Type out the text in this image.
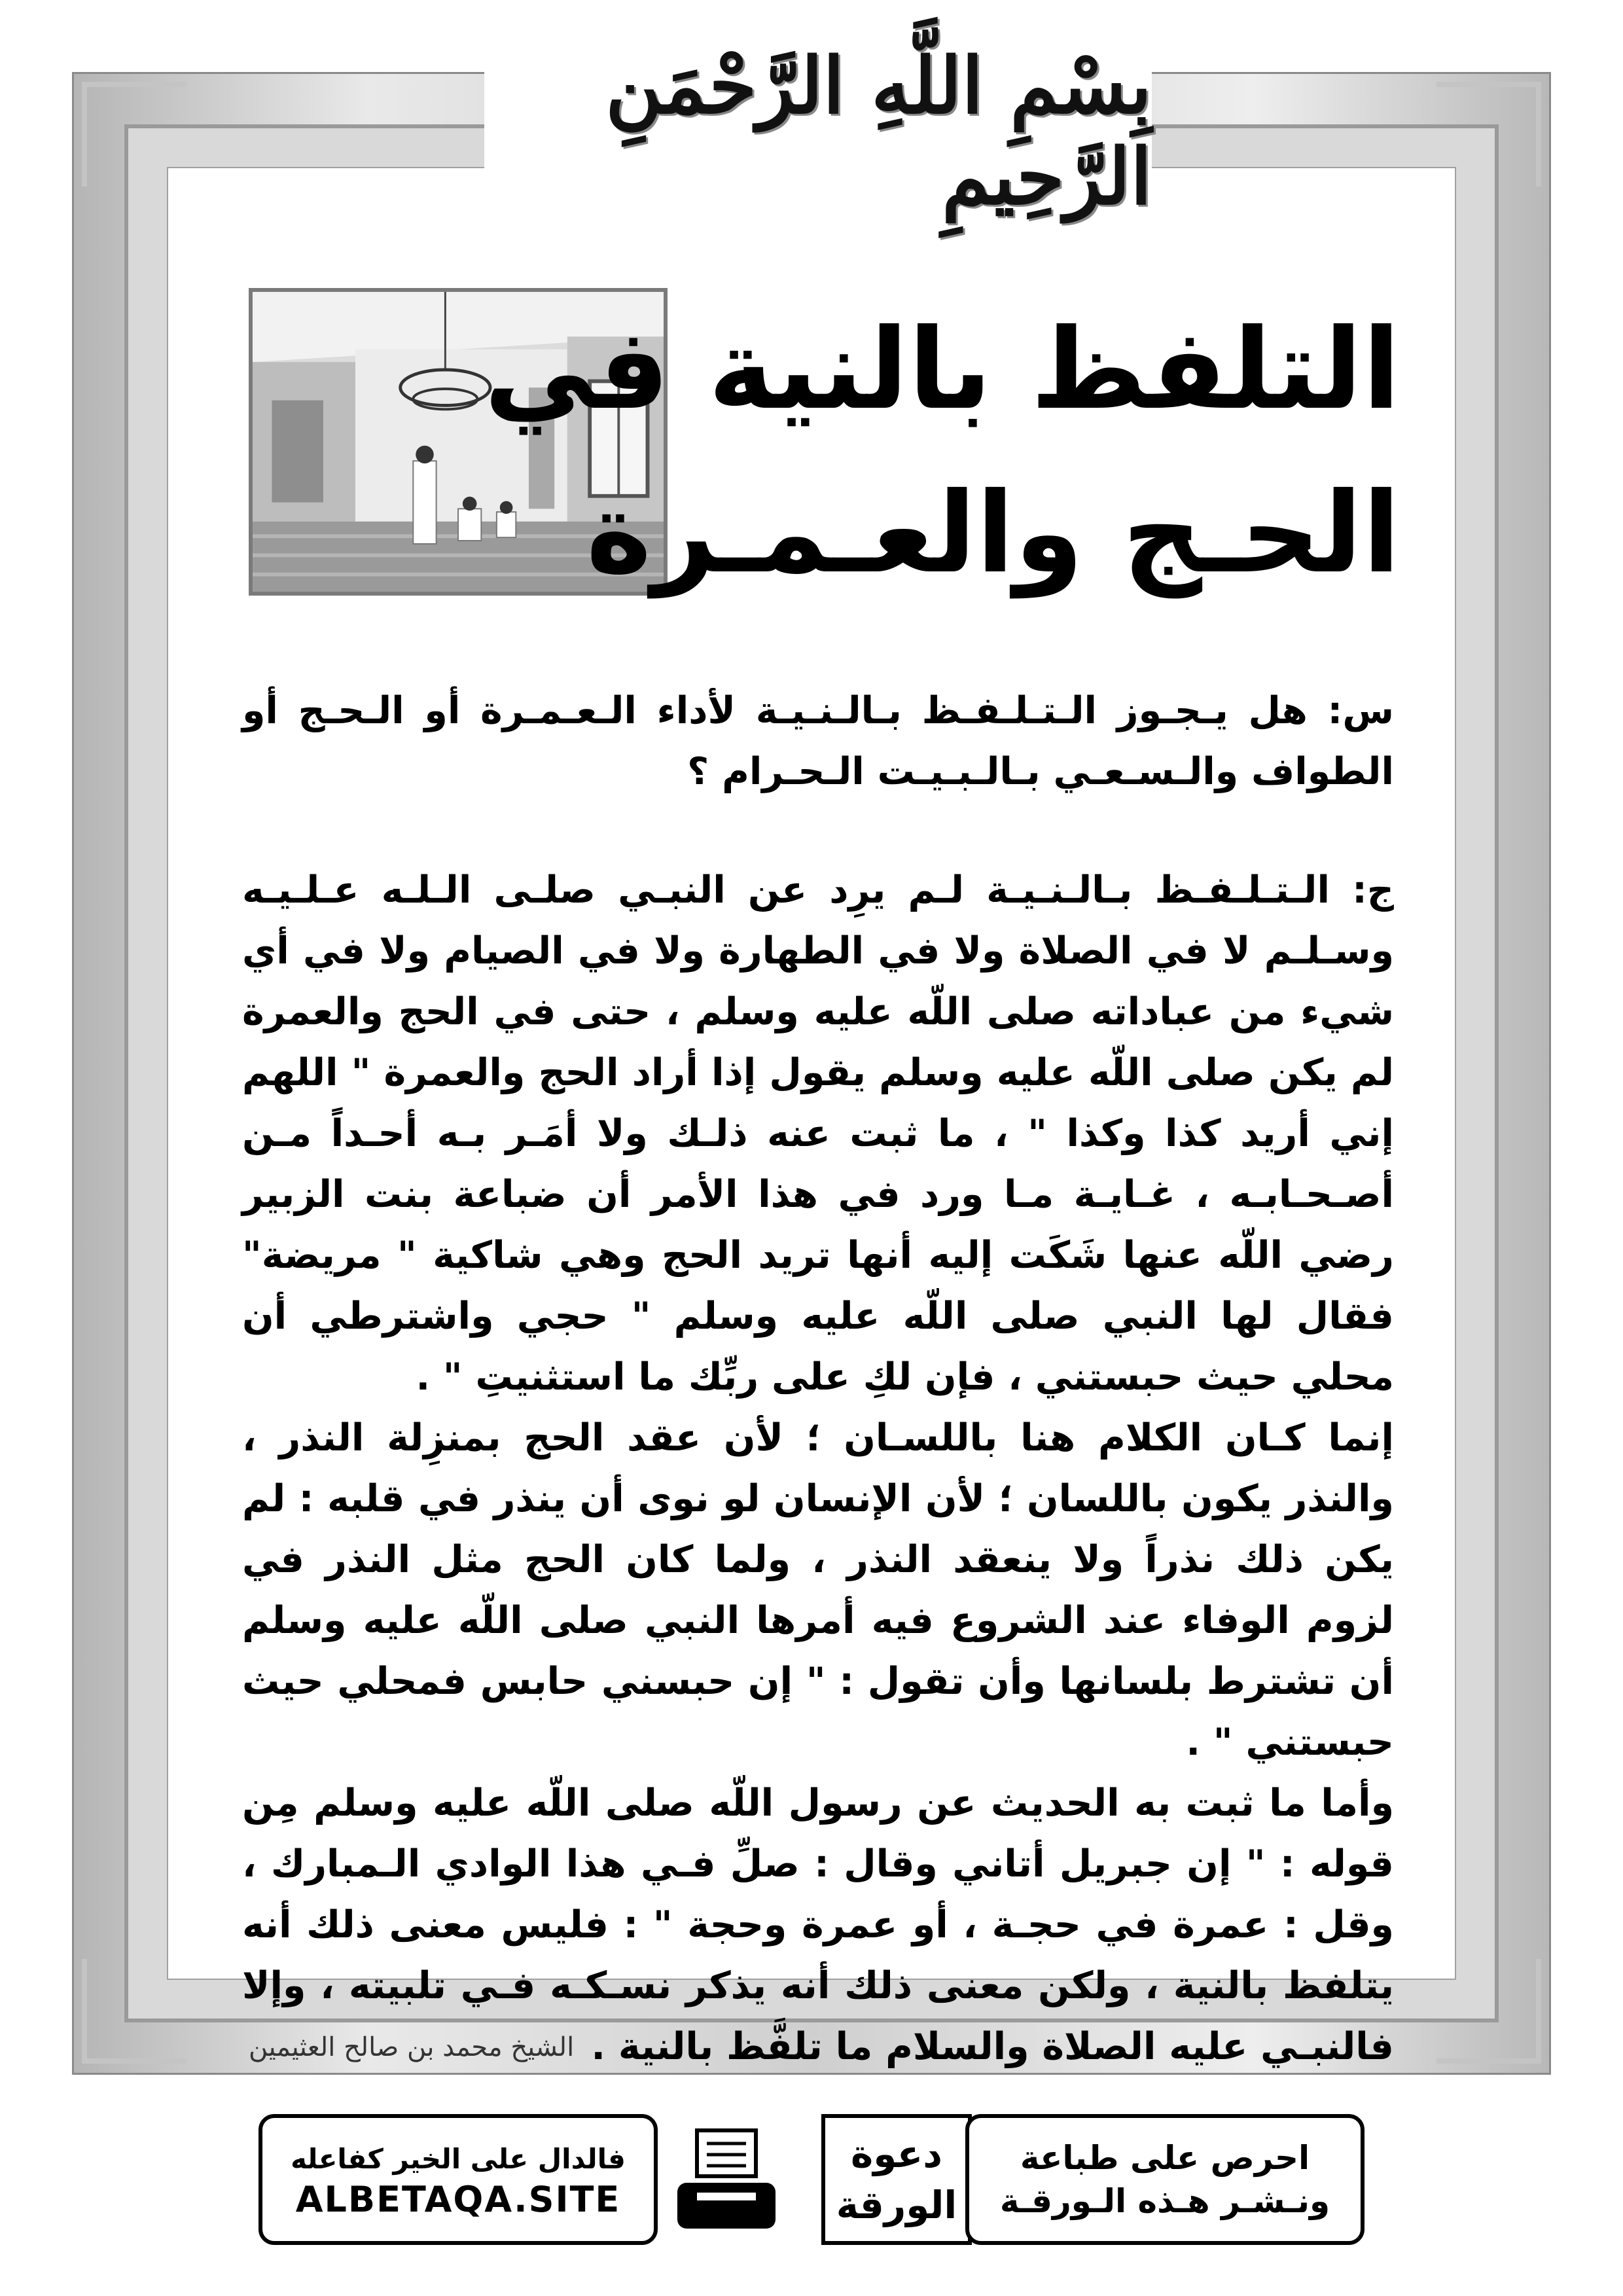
بِسْمِ اللَّهِ الرَّحْمَنِ الرَّحِيمِ
التلفظ بالنية في
الحـج والعـمـرة

س: هل يـجـوز الـتـلـفـظ بـالـنـيـة لأداء الـعـمـرة أو الـحـج أو الطواف والـسـعـي بـالـبـيـت الـحـرام ؟

ج: الـتـلـفـظ بـالـنـيـة لـم يرِد عن النبـي صلـى الـلـه عـلـيـه وسـلـم لا في الصلاة ولا في الطهارة ولا في الصيام ولا في أي شيء من عباداته صلى اللّه عليه وسلم ، حتى في الحج والعمرة لم يكن صلى اللّه عليه وسلم يقول إذا أراد الحج والعمرة " اللهم إني أريد كذا وكذا " ، ما ثبت عنه ذلـك ولا أمَـر بـه أحـداً مـن أصـحـابـه ، غـايـة مـا ورد في هذا الأمر أن ضباعة بنت الزبير رضي اللّه عنها شَكَت إليه أنها تريد الحج وهي شاكية " مريضة" فقال لها النبي صلى اللّه عليه وسلم " حجي واشترطي أن محلي حيث حبستني ، فإن لكِ على ربِّك ما استثنيتِ " .

إنما كـان الكلام هنا باللسـان ؛ لأن عقد الحج بمنزِلة النذر ، والنذر يكون باللسان ؛ لأن الإنسان لو نوى أن ينذر في قلبه : لم يكن ذلك نذراً ولا ينعقد النذر ، ولما كان الحج مثل النذر في لزوم الوفاء عند الشروع فيه أمرها النبي صلى اللّه عليه وسلم أن تشترط بلسانها وأن تقول : " إن حبسني حابس فمحلي حيث حبستني " .

وأما ما ثبت به الحديث عن رسول اللّه صلى اللّه عليه وسلم مِن قوله : " إن جبريل أتاني وقال : صلِّ فـي هذا الوادي الـمبارك ، وقل : عمرة في حجـة ، أو عمرة وحجة " : فليس معنى ذلك أنه يتلفظ بالنية ، ولكن معنى ذلك أنه يذكر نسـكـه فـي تلبيته ، وإلا فالنبـي عليه الصلاة والسلام ما تلفَّظ بالنية .

الشيخ محمد بن صالح العثيمين
فالدال على الخير كفاعله
ALBETAQA.SITE
دعوة
الورقة
احرص على طباعة
ونـشـر هـذه الـورقـة
